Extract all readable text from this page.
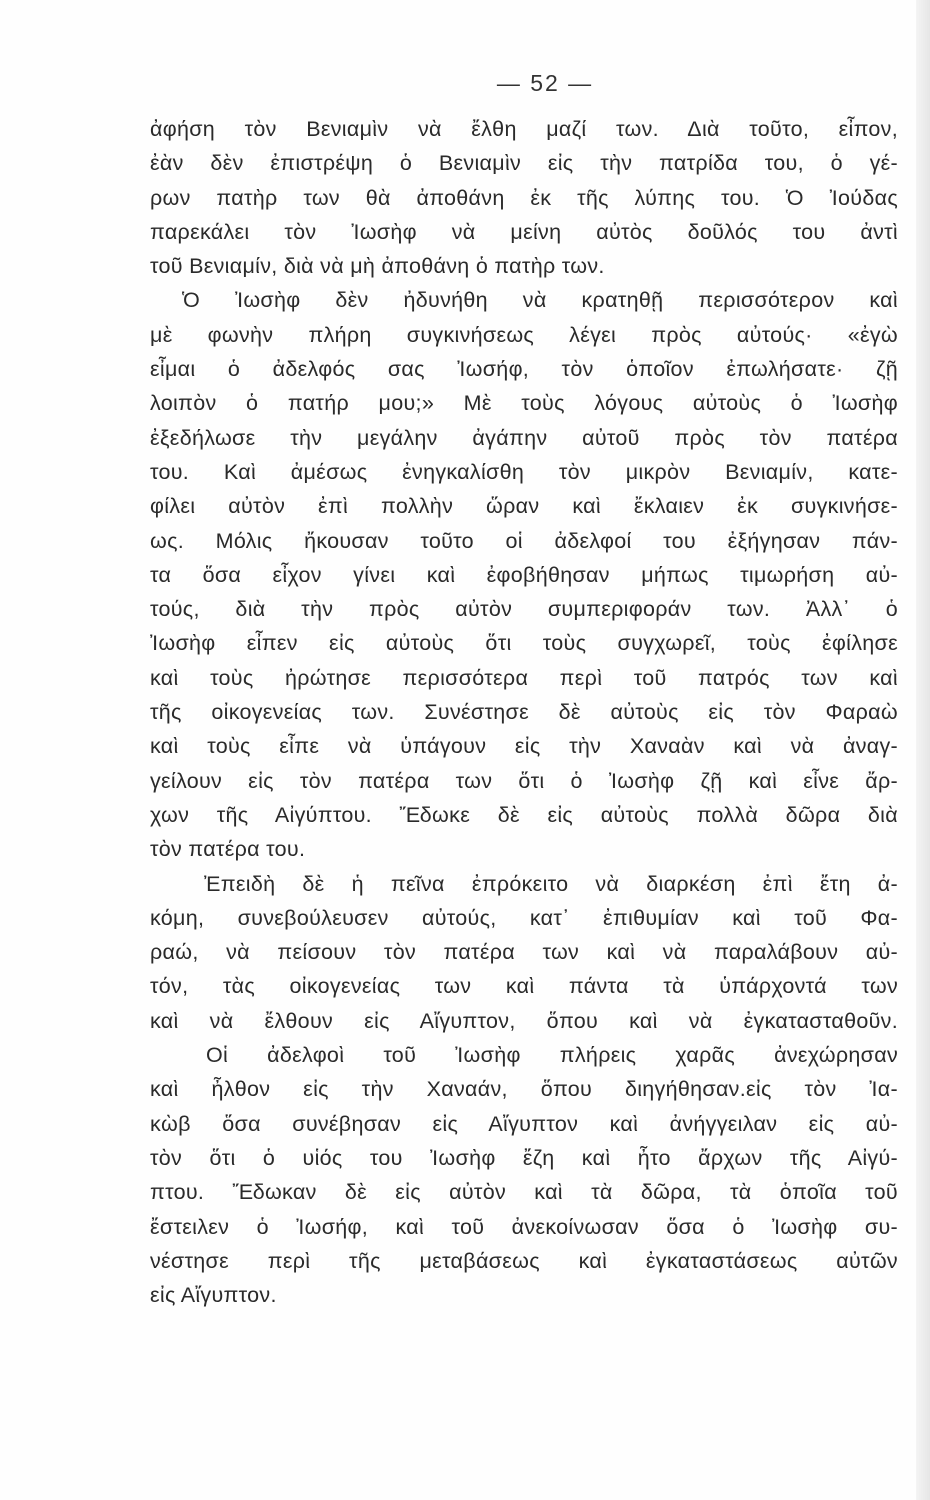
— 52 —
ἀφήση τὸν Βενιαμὶν νὰ ἔλθη μαζί των. Διὰ τοῦτο, εἶπον,
ἐὰν δὲν ἐπιστρέψη ὁ Βενιαμὶν εἰς τὴν πατρίδα του, ὁ γέ-
ρων πατὴρ των θὰ ἀποθάνη ἐκ τῆς λύπης του. Ὁ Ἰούδας
παρεκάλει τὸν Ἰωσὴφ νὰ μείνη αὐτὸς δοῦλός του ἀντὶ
τοῦ Βενιαμίν, διὰ νὰ μὴ ἀποθάνη ὁ πατὴρ των.
Ὁ Ἰωσὴφ δὲν ἠδυνήθη νὰ κρατηθῇ περισσότερον καὶ
μὲ φωνὴν πλήρη συγκινήσεως λέγει πρὸς αὐτούς· «ἐγὼ
εἶμαι ὁ ἀδελφός σας Ἰωσήφ, τὸν ὁποῖον ἐπωλήσατε· ζῇ
λοιπὸν ὁ πατήρ μου;» Μὲ τοὺς λόγους αὐτοὺς ὁ Ἰωσὴφ
ἐξεδήλωσε τὴν μεγάλην ἀγάπην αὐτοῦ πρὸς τὸν πατέρα
του. Καὶ ἀμέσως ἐνηγκαλίσθη τὸν μικρὸν Βενιαμίν, κατε-
φίλει αὐτὸν ἐπὶ πολλὴν ὥραν καὶ ἔκλαιεν ἐκ συγκινήσε-
ως. Μόλις ἤκουσαν τοῦτο οἱ ἀδελφοί του ἐξήγησαν πάν-
τα ὅσα εἶχον γίνει καὶ ἐφοβήθησαν μήπως τιμωρήση αὐ-
τούς, διὰ τὴν πρὸς αὐτὸν συμπεριφοράν των. Ἀλλ᾽ ὁ
Ἰωσὴφ εἶπεν εἰς αὐτοὺς ὅτι τοὺς συγχωρεῖ, τοὺς ἐφίλησε
καὶ τοὺς ἠρώτησε περισσότερα περὶ τοῦ πατρός των καὶ
τῆς οἰκογενείας των. Συνέστησε δὲ αὐτοὺς εἰς τὸν Φαραὼ
καὶ τοὺς εἶπε νὰ ὑπάγουν εἰς τὴν Χαναὰν καὶ νὰ ἀναγ-
γείλουν εἰς τὸν πατέρα των ὅτι ὁ Ἰωσὴφ ζῇ καὶ εἶνε ἄρ-
χων τῆς Αἰγύπτου. Ἔδωκε δὲ εἰς αὐτοὺς πολλὰ δῶρα διὰ
τὸν πατέρα του.
Ἐπειδὴ δὲ ἡ πεῖνα ἐπρόκειτο νὰ διαρκέση ἐπὶ ἔτη ἀ-
κόμη, συνεβούλευσεν αὐτούς, κατ᾽ ἐπιθυμίαν καὶ τοῦ Φα-
ραώ, νὰ πείσουν τὸν πατέρα των καὶ νὰ παραλάβουν αὐ-
τόν, τὰς οἰκογενείας των καὶ πάντα τὰ ὑπάρχοντά των
καὶ νὰ ἔλθουν εἰς Αἴγυπτον, ὅπου καὶ νὰ ἐγκατασταθοῦν.
Οἱ ἀδελφοὶ τοῦ Ἰωσὴφ πλήρεις χαρᾶς ἀνεχώρησαν
καὶ ἦλθον εἰς τὴν Χαναάν, ὅπου διηγήθησαν.εἰς τὸν Ἰα-
κὼβ ὅσα συνέβησαν εἰς Αἴγυπτον καὶ ἀνήγγειλαν εἰς αὐ-
τὸν ὅτι ὁ υἱός του Ἰωσὴφ ἔζη καὶ ἦτο ἄρχων τῆς Αἰγύ-
πτου. Ἔδωκαν δὲ εἰς αὐτὸν καὶ τὰ δῶρα, τὰ ὁποῖα τοῦ
ἔστειλεν ὁ Ἰωσήφ, καὶ τοῦ ἀνεκοίνωσαν ὅσα ὁ Ἰωσὴφ συ-
νέστησε περὶ τῆς μεταβάσεως καὶ ἐγκαταστάσεως αὐτῶν
εἰς Αἴγυπτον.
